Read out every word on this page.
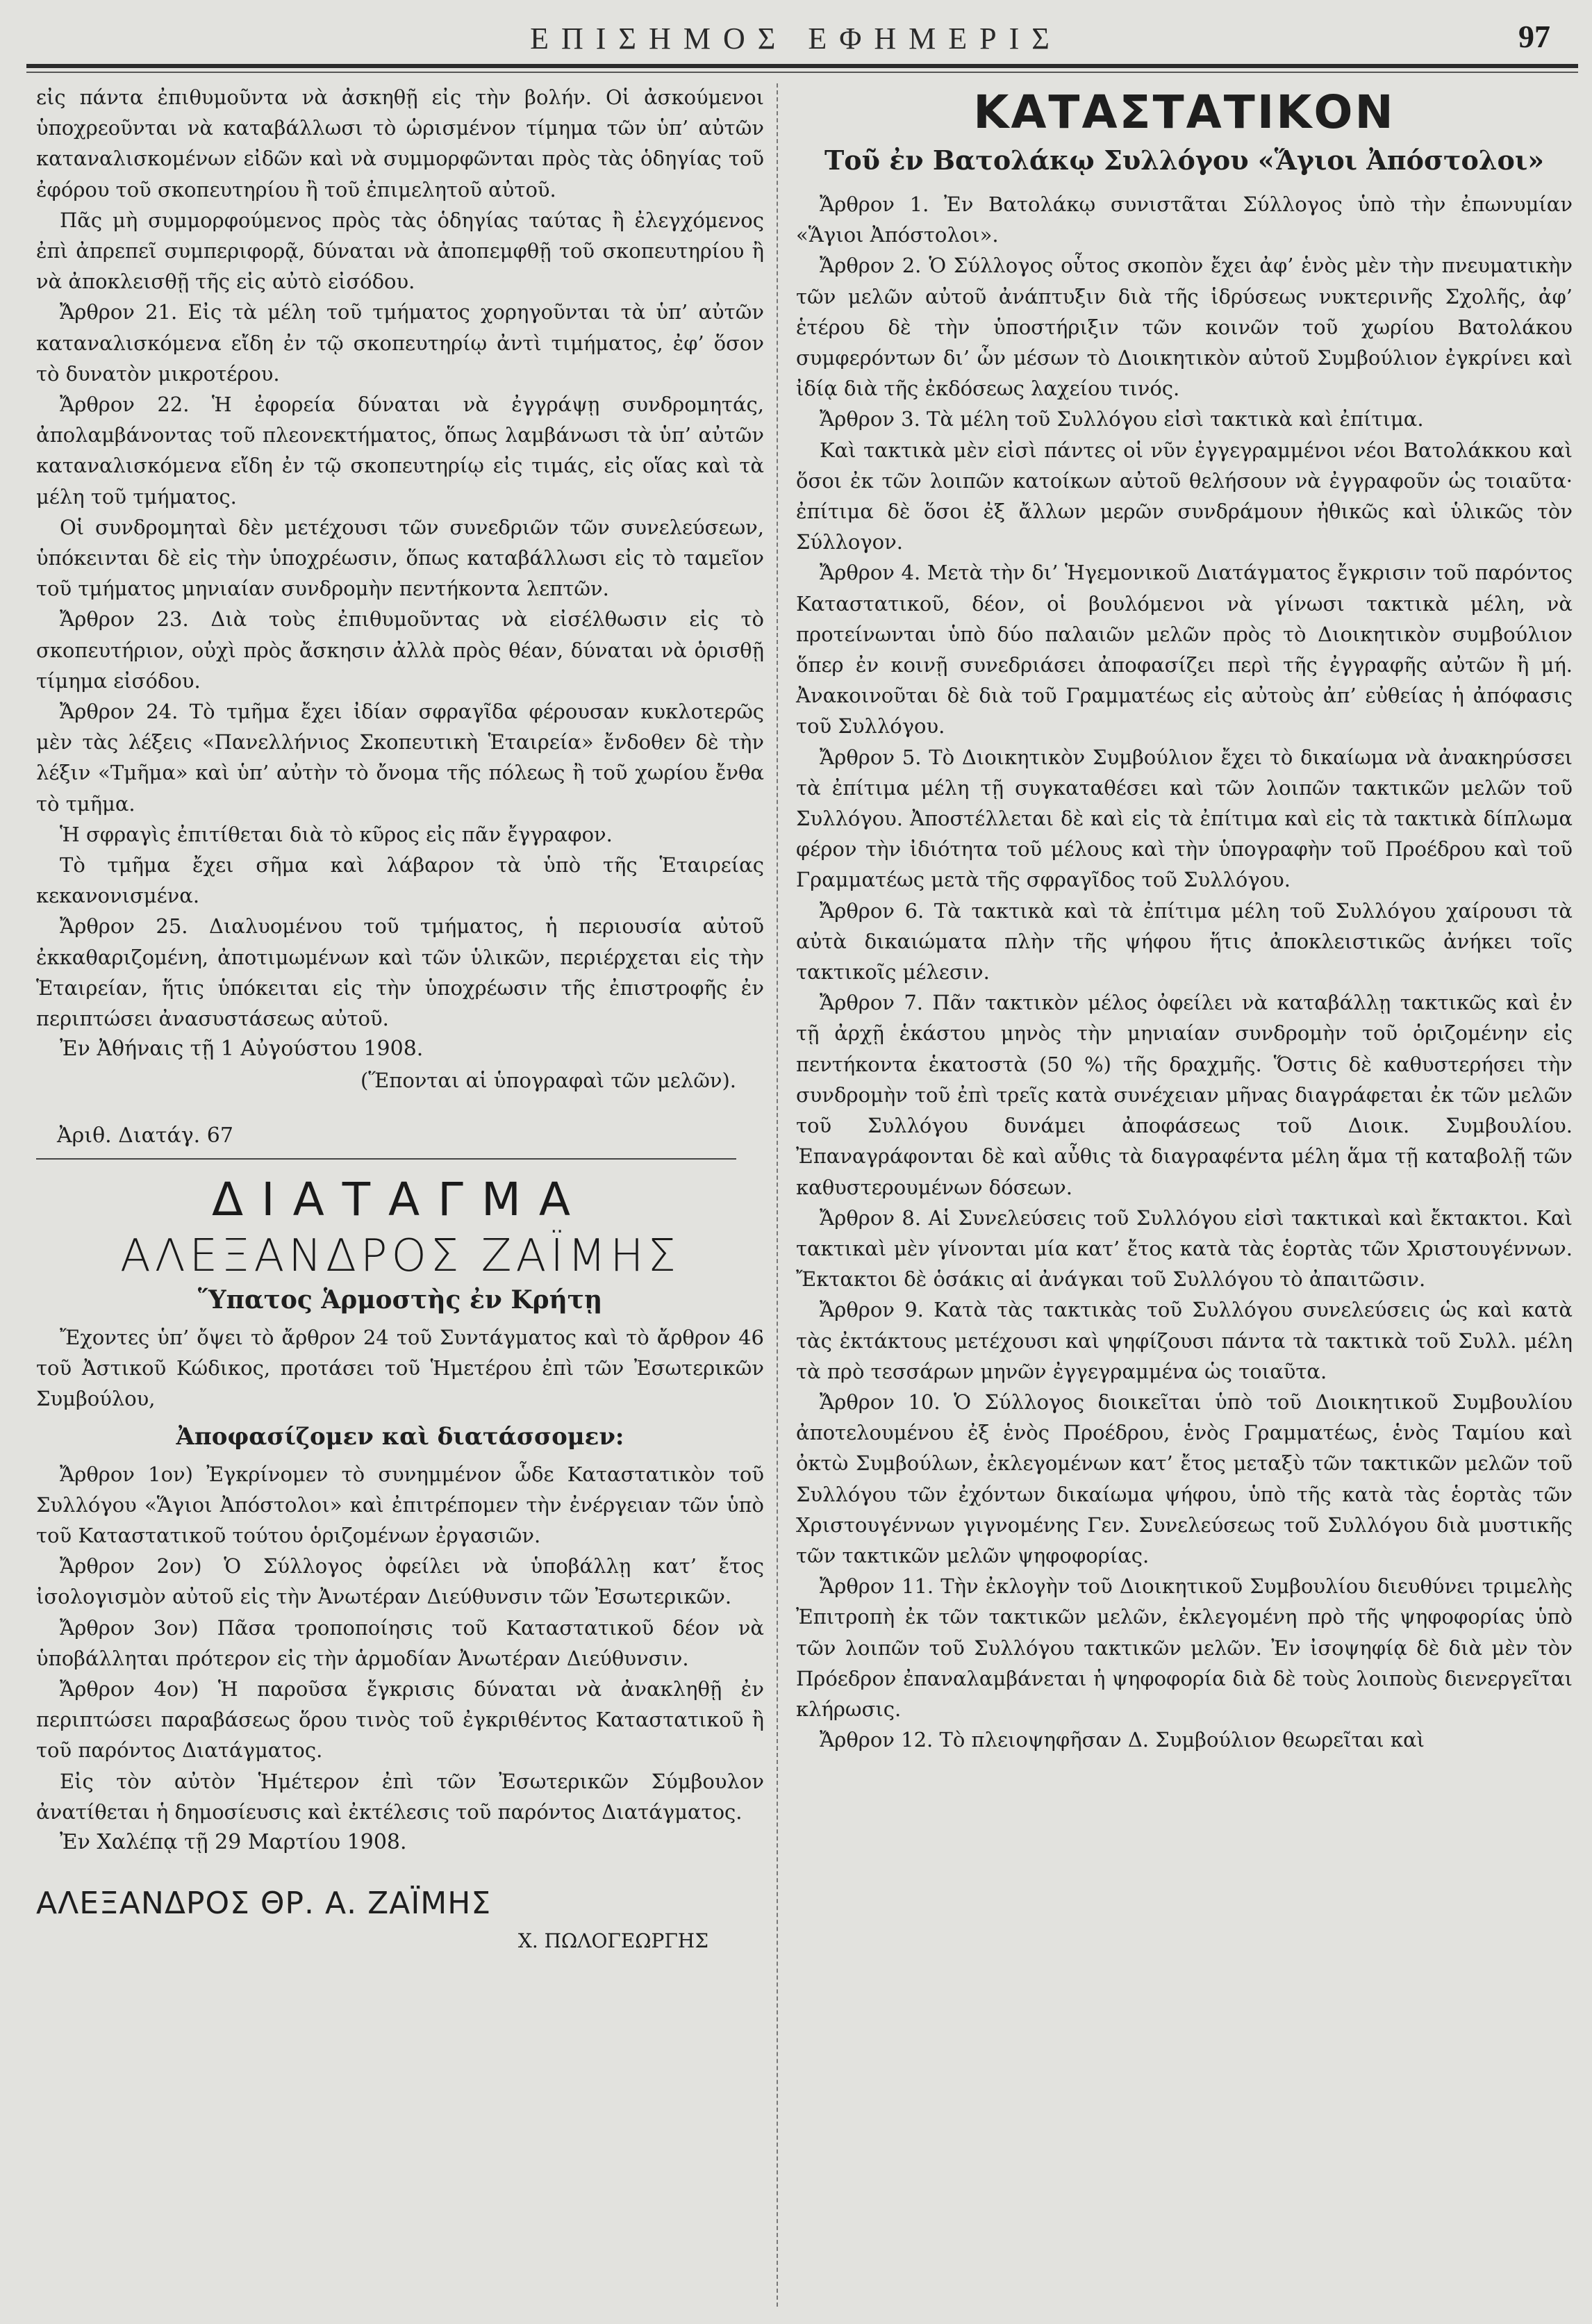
ΕΠΙΣΗΜΟΣ ΕΦΗΜΕΡΙΣ	97

εἰς πάντα ἐπιθυμοῦντα νὰ ἀσκηθῇ εἰς τὴν βολήν. Οἱ ἀσκούμενοι ὑποχρεοῦνται νὰ καταβάλλωσι τὸ ὡρισμένον τίμημα τῶν ὑπ’ αὐτῶν καταναλισκομένων εἰδῶν καὶ νὰ συμμορφῶνται πρὸς τὰς ὁδηγίας τοῦ ἐφόρου τοῦ σκοπευτηρίου ἢ τοῦ ἐπιμελητοῦ αὐτοῦ.

Πᾶς μὴ συμμορφούμενος πρὸς τὰς ὁδηγίας ταύτας ἢ ἐλεγχόμενος ἐπὶ ἀπρεπεῖ συμπεριφορᾷ, δύναται νὰ ἀποπεμφθῇ τοῦ σκοπευτηρίου ἢ νὰ ἀποκλεισθῇ τῆς εἰς αὐτὸ εἰσόδου.

Ἄρθρον 21. Εἰς τὰ μέλη τοῦ τμήματος χορηγοῦνται τὰ ὑπ’ αὐτῶν καταναλισκόμενα εἴδη ἐν τῷ σκοπευτηρίῳ ἀντὶ τιμήματος, ἐφ’ ὅσον τὸ δυνατὸν μικροτέρου.

Ἄρθρον 22. Ἡ ἐφορεία δύναται νὰ ἐγγράψῃ συνδρομητάς, ἀπολαμβάνοντας τοῦ πλεονεκτήματος, ὅπως λαμβάνωσι τὰ ὑπ’ αὐτῶν καταναλισκόμενα εἴδη ἐν τῷ σκοπευτηρίῳ εἰς τιμάς, εἰς οἵας καὶ τὰ μέλη τοῦ τμήματος.

Οἱ συνδρομηταὶ δὲν μετέχουσι τῶν συνεδριῶν τῶν συνελεύσεων, ὑπόκεινται δὲ εἰς τὴν ὑποχρέωσιν, ὅπως καταβάλλωσι εἰς τὸ ταμεῖον τοῦ τμήματος μηνιαίαν συνδρομὴν πεντήκοντα λεπτῶν.

Ἄρθρον 23. Διὰ τοὺς ἐπιθυμοῦντας νὰ εἰσέλθωσιν εἰς τὸ σκοπευτήριον, οὐχὶ πρὸς ἄσκησιν ἀλλὰ πρὸς θέαν, δύναται νὰ ὁρισθῇ τίμημα εἰσόδου.

Ἄρθρον 24. Τὸ τμῆμα ἔχει ἰδίαν σφραγῖδα φέρουσαν κυκλοτερῶς μὲν τὰς λέξεις «Πανελλήνιος Σκοπευτικὴ Ἑταιρεία» ἔνδοθεν δὲ τὴν λέξιν «Τμῆμα» καὶ ὑπ’ αὐτὴν τὸ ὄνομα τῆς πόλεως ἢ τοῦ χωρίου ἔνθα τὸ τμῆμα.

Ἡ σφραγὶς ἐπιτίθεται διὰ τὸ κῦρος εἰς πᾶν ἔγγραφον.

Τὸ τμῆμα ἔχει σῆμα καὶ λάβαρον τὰ ὑπὸ τῆς Ἑταιρείας κεκανονισμένα.

Ἄρθρον 25. Διαλυομένου τοῦ τμήματος, ἡ περιουσία αὐτοῦ ἐκκαθαριζομένη, ἀποτιμωμένων καὶ τῶν ὑλικῶν, περιέρχεται εἰς τὴν Ἑταιρείαν, ἥτις ὑπόκειται εἰς τὴν ὑποχρέωσιν τῆς ἐπιστροφῆς ἐν περιπτώσει ἀνασυστάσεως αὐτοῦ.

Ἐν Ἀθήναις τῇ 1 Αὐγούστου 1908.

(Ἕπονται αἱ ὑπογραφαὶ τῶν μελῶν).

Ἀριθ. Διατάγ. 67

ΔΙΑΤΑΓΜΑ

ΑΛΕΞΑΝΔΡΟΣ ΖΑΪΜΗΣ

Ὕπατος Ἁρμοστὴς ἐν Κρήτῃ

Ἔχοντες ὑπ’ ὄψει τὸ ἄρθρον 24 τοῦ Συντάγματος καὶ τὸ ἄρθρον 46 τοῦ Ἀστικοῦ Κώδικος, προτάσει τοῦ Ἡμετέρου ἐπὶ τῶν Ἐσωτερικῶν Συμβούλου,

Ἀποφασίζομεν καὶ διατάσσομεν:

Ἄρθρον 1ον) Ἐγκρίνομεν τὸ συνημμένον ὧδε Καταστατικὸν τοῦ Συλλόγου «Ἅγιοι Ἀπόστολοι» καὶ ἐπιτρέπομεν τὴν ἐνέργειαν τῶν ὑπὸ τοῦ Καταστατικοῦ τούτου ὁριζομένων ἐργασιῶν.

Ἄρθρον 2ον) Ὁ Σύλλογος ὀφείλει νὰ ὑποβάλλῃ κατ’ ἔτος ἰσολογισμὸν αὐτοῦ εἰς τὴν Ἀνωτέραν Διεύθυνσιν τῶν Ἐσωτερικῶν.

Ἄρθρον 3ον) Πᾶσα τροποποίησις τοῦ Καταστατικοῦ δέον νὰ ὑποβάλληται πρότερον εἰς τὴν ἁρμοδίαν Ἀνωτέραν Διεύθυνσιν.

Ἄρθρον 4ον) Ἡ παροῦσα ἔγκρισις δύναται νὰ ἀνακληθῇ ἐν περιπτώσει παραβάσεως ὅρου τινὸς τοῦ ἐγκριθέντος Καταστατικοῦ ἢ τοῦ παρόντος Διατάγματος.

Εἰς τὸν αὐτὸν Ἡμέτερον ἐπὶ τῶν Ἐσωτερικῶν Σύμβουλον ἀνατίθεται ἡ δημοσίευσις καὶ ἐκτέλεσις τοῦ παρόντος Διατάγματος.

Ἐν Χαλέπᾳ τῇ 29 Μαρτίου 1908.

ΑΛΕΞΑΝΔΡΟΣ ΘΡ. Α. ΖΑΪΜΗΣ

Χ. ΠΩΛΟΓΕΩΡΓΗΣ

ΚΑΤΑΣΤΑΤΙΚΟΝ

Τοῦ ἐν Βατολάκῳ Συλλόγου «Ἅγιοι Ἀπόστολοι»

Ἄρθρον 1. Ἐν Βατολάκῳ συνιστᾶται Σύλλογος ὑπὸ τὴν ἐπωνυμίαν «Ἅγιοι Ἀπόστολοι».

Ἄρθρον 2. Ὁ Σύλλογος οὗτος σκοπὸν ἔχει ἀφ’ ἑνὸς μὲν τὴν πνευματικὴν τῶν μελῶν αὐτοῦ ἀνάπτυξιν διὰ τῆς ἱδρύσεως νυκτερινῆς Σχολῆς, ἀφ’ ἑτέρου δὲ τὴν ὑποστήριξιν τῶν κοινῶν τοῦ χωρίου Βατολάκου συμφερόντων δι’ ὧν μέσων τὸ Διοικητικὸν αὐτοῦ Συμβούλιον ἐγκρίνει καὶ ἰδίᾳ διὰ τῆς ἐκδόσεως λαχείου τινός.

Ἄρθρον 3. Τὰ μέλη τοῦ Συλλόγου εἰσὶ τακτικὰ καὶ ἐπίτιμα.

Καὶ τακτικὰ μὲν εἰσὶ πάντες οἱ νῦν ἐγγεγραμμένοι νέοι Βατολάκκου καὶ ὅσοι ἐκ τῶν λοιπῶν κατοίκων αὐτοῦ θελήσουν νὰ ἐγγραφοῦν ὡς τοιαῦτα· ἐπίτιμα δὲ ὅσοι ἐξ ἄλλων μερῶν συνδράμουν ἠθικῶς καὶ ὑλικῶς τὸν Σύλλογον.

Ἄρθρον 4. Μετὰ τὴν δι’ Ἡγεμονικοῦ Διατάγματος ἔγκρισιν τοῦ παρόντος Καταστατικοῦ, δέον, οἱ βουλόμενοι νὰ γίνωσι τακτικὰ μέλη, νὰ προτείνωνται ὑπὸ δύο παλαιῶν μελῶν πρὸς τὸ Διοικητικὸν συμβούλιον ὅπερ ἐν κοινῇ συνεδριάσει ἀποφασίζει περὶ τῆς ἐγγραφῆς αὐτῶν ἢ μή. Ἀνακοινοῦται δὲ διὰ τοῦ Γραμματέως εἰς αὐτοὺς ἀπ’ εὐθείας ἡ ἀπόφασις τοῦ Συλλόγου.

Ἄρθρον 5. Τὸ Διοικητικὸν Συμβούλιον ἔχει τὸ δικαίωμα νὰ ἀνακηρύσσει τὰ ἐπίτιμα μέλη τῇ συγκαταθέσει καὶ τῶν λοιπῶν τακτικῶν μελῶν τοῦ Συλλόγου. Ἀποστέλλεται δὲ καὶ εἰς τὰ ἐπίτιμα καὶ εἰς τὰ τακτικὰ δίπλωμα φέρον τὴν ἰδιότητα τοῦ μέλους καὶ τὴν ὑπογραφὴν τοῦ Προέδρου καὶ τοῦ Γραμματέως μετὰ τῆς σφραγῖδος τοῦ Συλλόγου.

Ἄρθρον 6. Τὰ τακτικὰ καὶ τὰ ἐπίτιμα μέλη τοῦ Συλλόγου χαίρουσι τὰ αὐτὰ δικαιώματα πλὴν τῆς ψήφου ἥτις ἀποκλειστικῶς ἀνήκει τοῖς τακτικοῖς μέλεσιν.

Ἄρθρον 7. Πᾶν τακτικὸν μέλος ὀφείλει νὰ καταβάλλῃ τακτικῶς καὶ ἐν τῇ ἀρχῇ ἑκάστου μηνὸς τὴν μηνιαίαν συνδρομὴν τοῦ ὁριζομένην εἰς πεντήκοντα ἑκατοστὰ (50 %) τῆς δραχμῆς. Ὅστις δὲ καθυστερήσει τὴν συνδρομὴν τοῦ ἐπὶ τρεῖς κατὰ συνέχειαν μῆνας διαγράφεται ἐκ τῶν μελῶν τοῦ Συλλόγου δυνάμει ἀποφάσεως τοῦ Διοικ. Συμβουλίου. Ἐπαναγράφονται δὲ καὶ αὖθις τὰ διαγραφέντα μέλη ἅμα τῇ καταβολῇ τῶν καθυστερουμένων δόσεων.

Ἄρθρον 8. Αἱ Συνελεύσεις τοῦ Συλλόγου εἰσὶ τακτικαὶ καὶ ἔκτακτοι. Καὶ τακτικαὶ μὲν γίνονται μία κατ’ ἔτος κατὰ τὰς ἑορτὰς τῶν Χριστουγέννων. Ἔκτακτοι δὲ ὁσάκις αἱ ἀνάγκαι τοῦ Συλλόγου τὸ ἀπαιτῶσιν.

Ἄρθρον 9. Κατὰ τὰς τακτικὰς τοῦ Συλλόγου συνελεύσεις ὡς καὶ κατὰ τὰς ἐκτάκτους μετέχουσι καὶ ψηφίζουσι πάντα τὰ τακτικὰ τοῦ Συλλ. μέλη τὰ πρὸ τεσσάρων μηνῶν ἐγγεγραμμένα ὡς τοιαῦτα.

Ἄρθρον 10. Ὁ Σύλλογος διοικεῖται ὑπὸ τοῦ Διοικητικοῦ Συμβουλίου ἀποτελουμένου ἐξ ἑνὸς Προέδρου, ἑνὸς Γραμματέως, ἑνὸς Ταμίου καὶ ὀκτὼ Συμβούλων, ἐκλεγομένων κατ’ ἔτος μεταξὺ τῶν τακτικῶν μελῶν τοῦ Συλλόγου τῶν ἐχόντων δικαίωμα ψήφου, ὑπὸ τῆς κατὰ τὰς ἑορτὰς τῶν Χριστουγέννων γιγνομένης Γεν. Συνελεύσεως τοῦ Συλλόγου διὰ μυστικῆς τῶν τακτικῶν μελῶν ψηφοφορίας.

Ἄρθρον 11. Τὴν ἐκλογὴν τοῦ Διοικητικοῦ Συμβουλίου διευθύνει τριμελὴς Ἐπιτροπὴ ἐκ τῶν τακτικῶν μελῶν, ἐκλεγομένη πρὸ τῆς ψηφοφορίας ὑπὸ τῶν λοιπῶν τοῦ Συλλόγου τακτικῶν μελῶν. Ἐν ἰσοψηφίᾳ δὲ διὰ μὲν τὸν Πρόεδρον ἐπαναλαμβάνεται ἡ ψηφοφορία διὰ δὲ τοὺς λοιποὺς διενεργεῖται κλήρωσις.

Ἄρθρον 12. Τὸ πλειοψηφῆσαν Δ. Συμβούλιον θεωρεῖται καὶ
